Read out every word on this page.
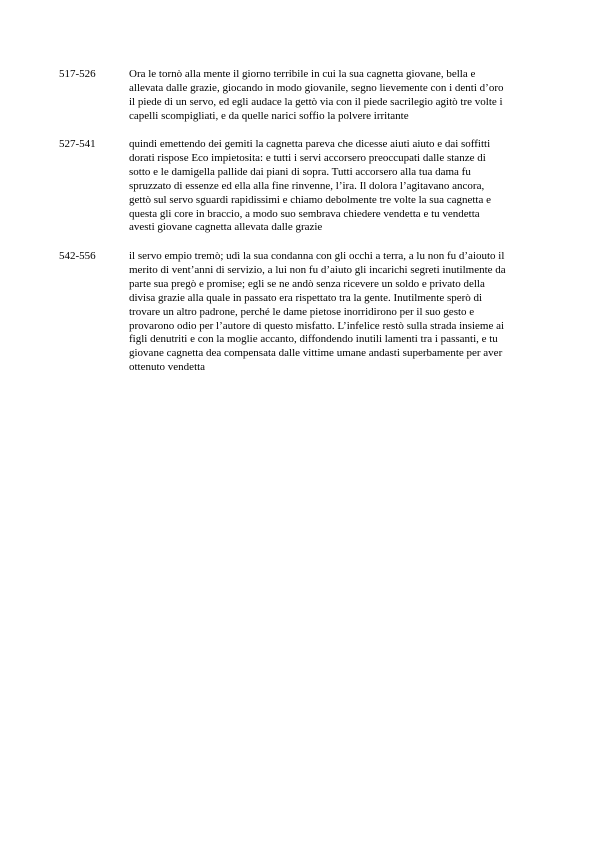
517-526	Ora le tornò alla mente il giorno terribile in cui la sua cagnetta giovane, bella e
allevata dalle grazie, giocando in modo giovanile, segno lievemente con i denti d’oro
il piede di un servo, ed egli audace la gettò via con il piede sacrilegio agitò tre volte i
capelli scompigliati, e da quelle narici soffio la polvere irritante
527-541	quindi emettendo dei gemiti la cagnetta pareva che dicesse aiuti aiuto e dai soffitti
dorati rispose Eco impietosita: e tutti i servi accorsero preoccupati dalle stanze di
sotto e le damigella pallide dai piani di sopra. Tutti accorsero alla tua dama fu
spruzzato di essenze ed ella alla fine rinvenne, l’ira. Il dolora l’agitavano ancora,
gettò sul servo sguardi rapidissimi e chiamo debolmente tre volte la sua cagnetta e
questa gli core in braccio, a modo suo sembrava chiedere vendetta e tu vendetta
avesti giovane cagnetta allevata dalle grazie
542-556	il servo empio tremò; udì la sua condanna con gli occhi a terra, a lu non fu d’aiouto il
merito di vent’anni di servizio, a lui non fu d’aiuto gli incarichi segreti inutilmente da
parte sua pregò e promise; egli se ne andò senza ricevere un soldo e privato della
divisa grazie alla quale in passato era rispettato tra la gente. Inutilmente sperò di
trovare un altro padrone, perché le dame pietose inorridirono per il suo gesto e
provarono odio per l’autore di questo misfatto. L’infelice restò sulla strada insieme ai
figli denutriti e con la moglie accanto, diffondendo inutili lamenti tra i passanti, e tu
giovane cagnetta dea compensata dalle vittime umane andasti superbamente per aver
ottenuto vendetta
